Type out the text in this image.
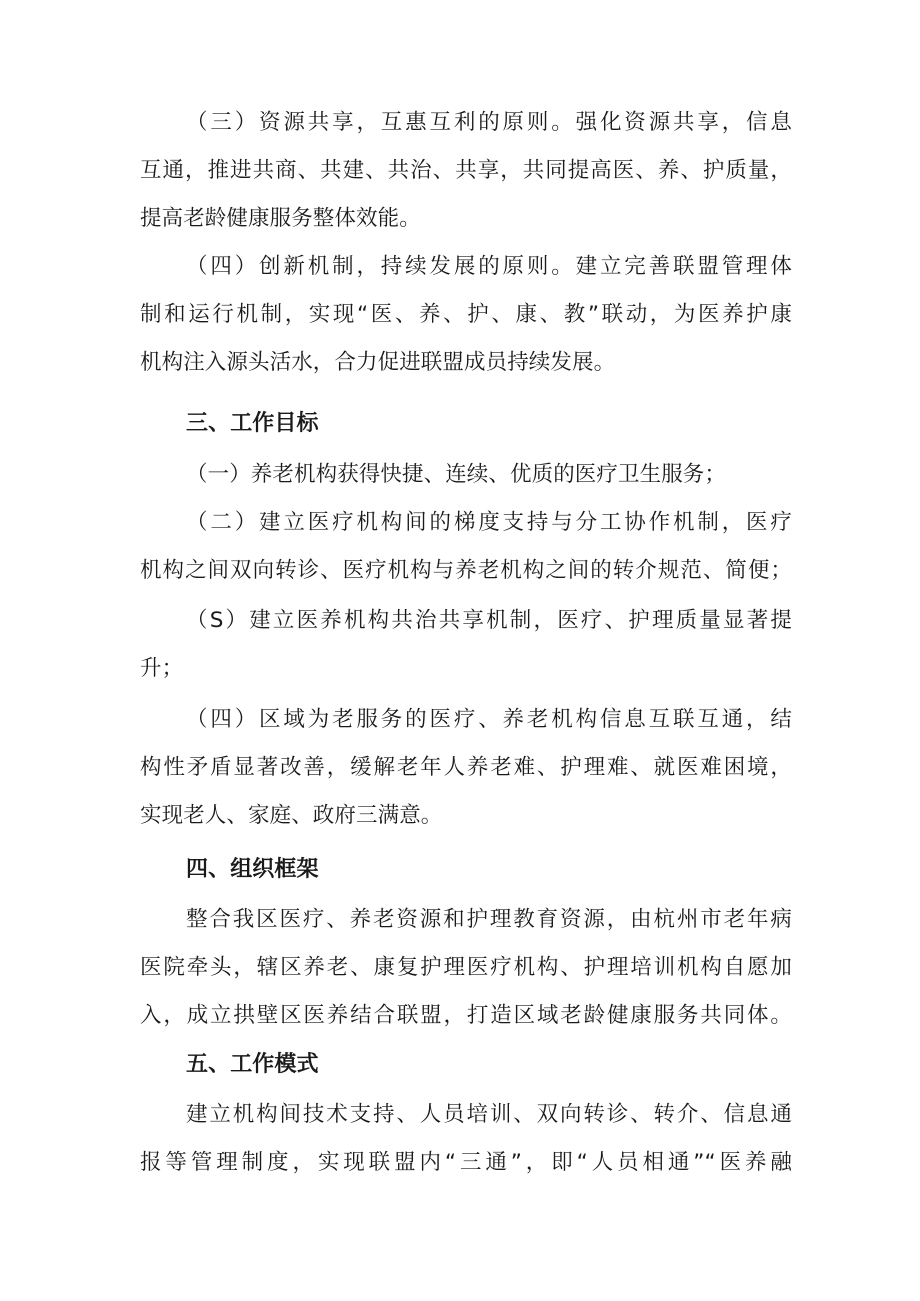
（三）资源共享，互惠互利的原则。强化资源共享，信息
互通，推进共商、共建、共治、共享，共同提高医、养、护质量，
提高老龄健康服务整体效能。
（四）创新机制，持续发展的原则。建立完善联盟管理体
制和运行机制，实现“医、养、护、康、教”联动，为医养护康
机构注入源头活水，合力促进联盟成员持续发展。
三、工作目标
（一）养老机构获得快捷、连续、优质的医疗卫生服务；
（二）建立医疗机构间的梯度支持与分工协作机制，医疗
机构之间双向转诊、医疗机构与养老机构之间的转介规范、简便；
（S）建立医养机构共治共享机制，医疗、护理质量显著提
升；
（四）区域为老服务的医疗、养老机构信息互联互通，结
构性矛盾显著改善，缓解老年人养老难、护理难、就医难困境，
实现老人、家庭、政府三满意。
四、组织框架
整合我区医疗、养老资源和护理教育资源，由杭州市老年病
医院牵头，辖区养老、康复护理医疗机构、护理培训机构自愿加
入，成立拱壁区医养结合联盟，打造区域老龄健康服务共同体。
五、工作模式
建立机构间技术支持、人员培训、双向转诊、转介、信息通
报等管理制度，实现联盟内“三通”，即“人员相通”“医养融
